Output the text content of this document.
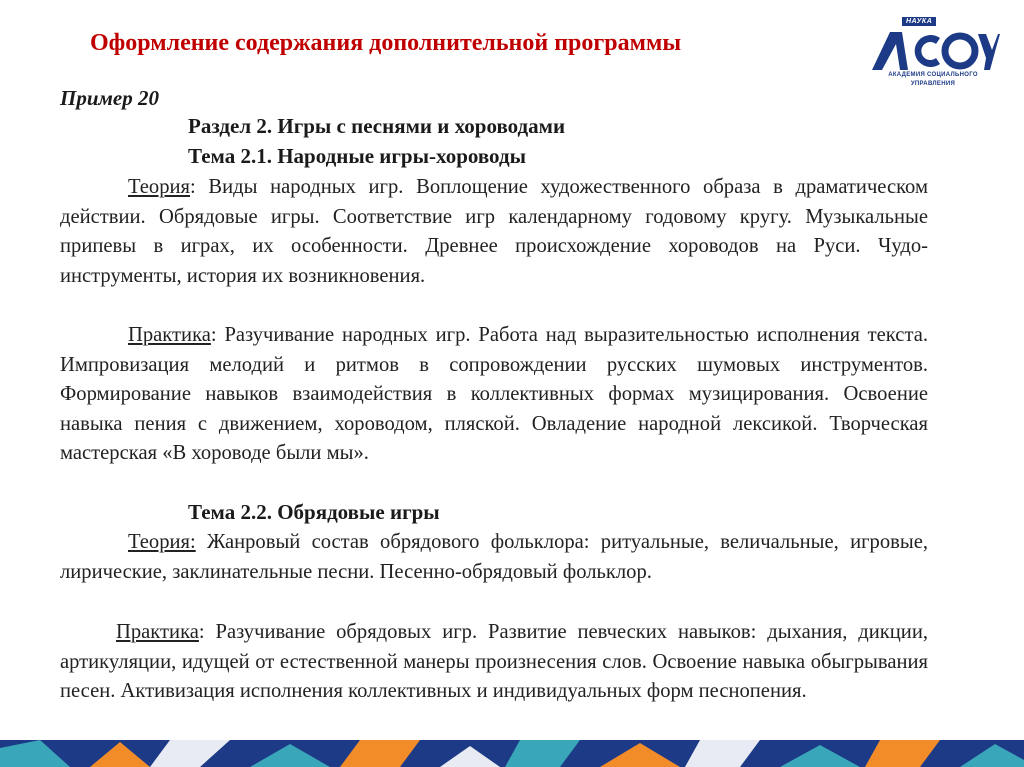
Оформление содержания дополнительной программы
НАУКА
АКАДЕМИЯ СОЦИАЛЬНОГО
УПРАВЛЕНИЯ

Пример 20

Раздел 2. Игры с песнями и хороводами

Тема 2.1. Народные игры-хороводы

Теория: Виды народных игр. Воплощение художественного образа в драматическом действии. Обрядовые игры. Соответствие игр календарному годовому кругу. Музыкальные припевы в играх, их особенности. Древнее происхождение хороводов на Руси. Чудо- инструменты, история их возникновения.

Практика: Разучивание народных игр. Работа над выразительностью исполнения текста. Импровизация мелодий и ритмов в сопровождении русских шумовых инструментов. Формирование навыков взаимодействия в коллективных формах музицирования. Освоение навыка пения с движением, хороводом, пляской. Овладение народной лексикой. Творческая мастерская «В хороводе были мы».

Тема 2.2. Обрядовые игры

Теория: Жанровый состав обрядового фольклора: ритуальные, величальные, игровые, лирические, заклинательные песни. Песенно-обрядовый фольклор.

Практика: Разучивание обрядовых игр. Развитие певческих навыков: дыхания, дикции, артикуляции, идущей от естественной манеры произнесения слов. Освоение навыка обыгрывания песен. Активизация исполнения коллективных и индивидуальных форм песнопения.
